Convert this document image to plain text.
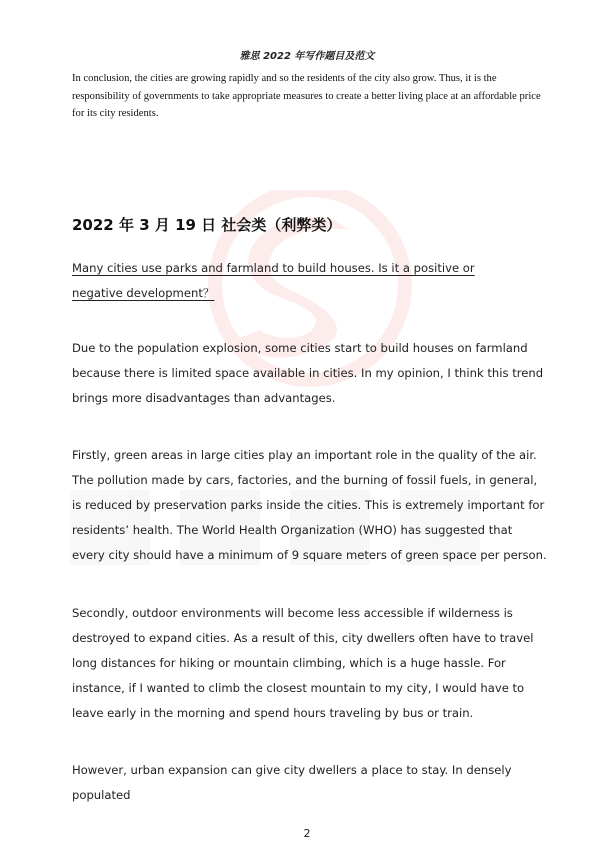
雅思 2022 年写作题目及范文
In conclusion, the cities are growing rapidly and so the residents of the city also grow. Thus, it is the responsibility of governments to take appropriate measures to create a better living place at an affordable price for its city residents.
2022 年 3 月 19 日 社会类（利弊类）
Many cities use parks and farmland to build houses. Is it a positive or negative development？
Due to the population explosion, some cities start to build houses on farmland because there is limited space available in cities. In my opinion, I think this trend brings more disadvantages than advantages.
Firstly, green areas in large cities play an important role in the quality of the air. The pollution made by cars, factories, and the burning of fossil fuels, in general, is reduced by preservation parks inside the cities. This is extremely important for residents’ health. The World Health Organization (WHO) has suggested that every city should have a minimum of 9 square meters of green space per person.
Secondly, outdoor environments will become less accessible if wilderness is destroyed to expand cities. As a result of this, city dwellers often have to travel long distances for hiking or mountain climbing, which is a huge hassle. For instance, if I wanted to climb the closest mountain to my city, I would have to leave early in the morning and spend hours traveling by bus or train.
However, urban expansion can give city dwellers a place to stay. In densely populated
2
